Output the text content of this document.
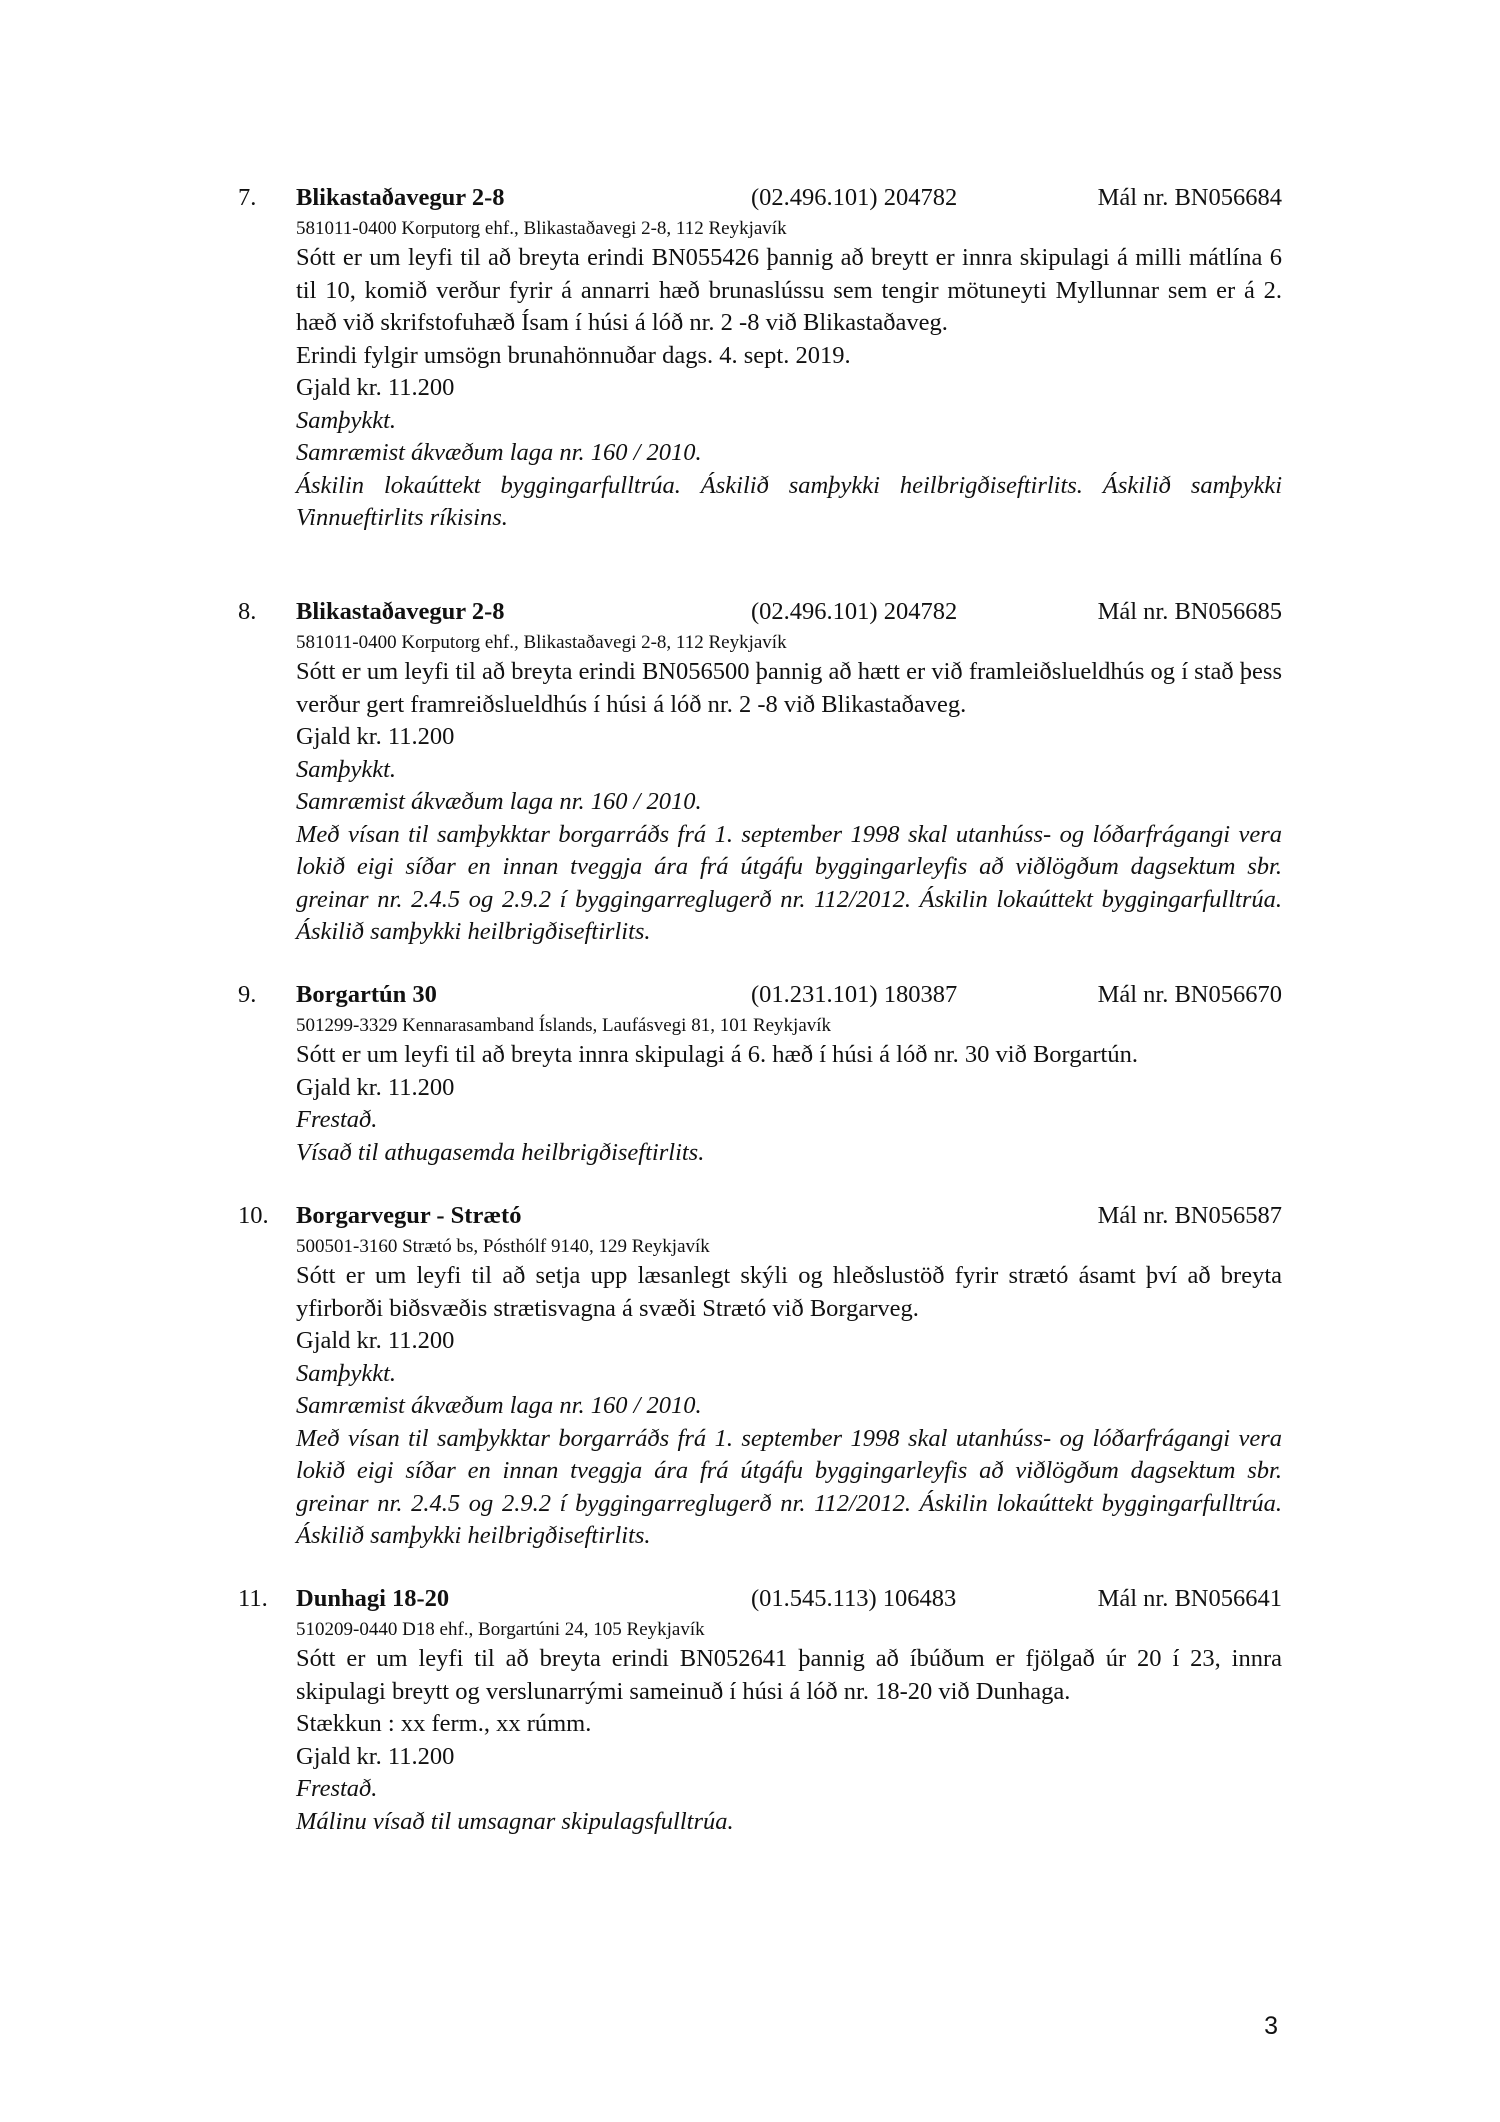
7. Blikastaðavegur 2-8	(02.496.101) 204782	Mál nr. BN056684
581011-0400 Korputorg ehf., Blikastaðavegi 2-8, 112 Reykjavík
Sótt er um leyfi til að breyta erindi BN055426 þannig að breytt er innra skipulagi á milli mátlína 6 til 10, komið verður fyrir á annarri hæð brunaslússu sem tengir mötuneyti Myllunnar sem er á 2. hæð við skrifstofuhæð Ísam í húsi á lóð nr. 2 -8 við Blikastaðaveg.
Erindi fylgir umsögn brunahönnuðar dags. 4. sept. 2019.
Gjald kr. 11.200
Samþykkt.
Samræmist ákvæðum laga nr. 160 / 2010.
Áskilin lokaúttekt byggingarfulltrúa. Áskilið samþykki heilbrigðiseftirlits. Áskilið samþykki Vinnueftirlits ríkisins.
8. Blikastaðavegur 2-8	(02.496.101) 204782	Mál nr. BN056685
581011-0400 Korputorg ehf., Blikastaðavegi 2-8, 112 Reykjavík
Sótt er um leyfi til að breyta erindi BN056500 þannig að hætt er við framleiðslueldhús og í stað þess verður gert framreiðslueldhús í húsi á lóð nr. 2 -8 við Blikastaðaveg.
Gjald kr. 11.200
Samþykkt.
Samræmist ákvæðum laga nr. 160 / 2010.
Með vísan til samþykktar borgarráðs frá 1. september 1998 skal utanhúss- og lóðarfrágangi vera lokið eigi síðar en innan tveggja ára frá útgáfu byggingarleyfis að viðlögðum dagsektum sbr. greinar nr. 2.4.5 og 2.9.2 í byggingarreglugerð nr. 112/2012. Áskilin lokaúttekt byggingarfulltrúa. Áskilið samþykki heilbrigðiseftirlits.
9. Borgartún 30	(01.231.101) 180387	Mál nr. BN056670
501299-3329 Kennarasamband Íslands, Laufásvegi 81, 101 Reykjavík
Sótt er um leyfi til að breyta innra skipulagi á 6. hæð í húsi á lóð nr. 30 við Borgartún.
Gjald kr. 11.200
Frestað.
Vísað til athugasemda heilbrigðiseftirlits.
10. Borgarvegur - Strætó	Mál nr. BN056587
500501-3160 Strætó bs, Pósthólf 9140, 129 Reykjavík
Sótt er um leyfi til að setja upp læsanlegt skýli og hleðslustöð fyrir strætó ásamt því að breyta yfirborði biðsvæðis strætisvagna á svæði Strætó við Borgarveg.
Gjald kr. 11.200
Samþykkt.
Samræmist ákvæðum laga nr. 160 / 2010.
Með vísan til samþykktar borgarráðs frá 1. september 1998 skal utanhúss- og lóðarfrágangi vera lokið eigi síðar en innan tveggja ára frá útgáfu byggingarleyfis að viðlögðum dagsektum sbr. greinar nr. 2.4.5 og 2.9.2 í byggingarreglugerð nr. 112/2012. Áskilin lokaúttekt byggingarfulltrúa. Áskilið samþykki heilbrigðiseftirlits.
11. Dunhagi 18-20	(01.545.113) 106483	Mál nr. BN056641
510209-0440 D18 ehf., Borgartúni 24, 105 Reykjavík
Sótt er um leyfi til að breyta erindi BN052641 þannig að íbúðum er fjölgað úr 20 í 23, innra skipulagi breytt og verslunarrými sameinuð í húsi á lóð nr. 18-20 við Dunhaga.
Stækkun : xx ferm., xx rúmm.
Gjald kr. 11.200
Frestað.
Málinu vísað til umsagnar skipulagsfulltrúa.
3
